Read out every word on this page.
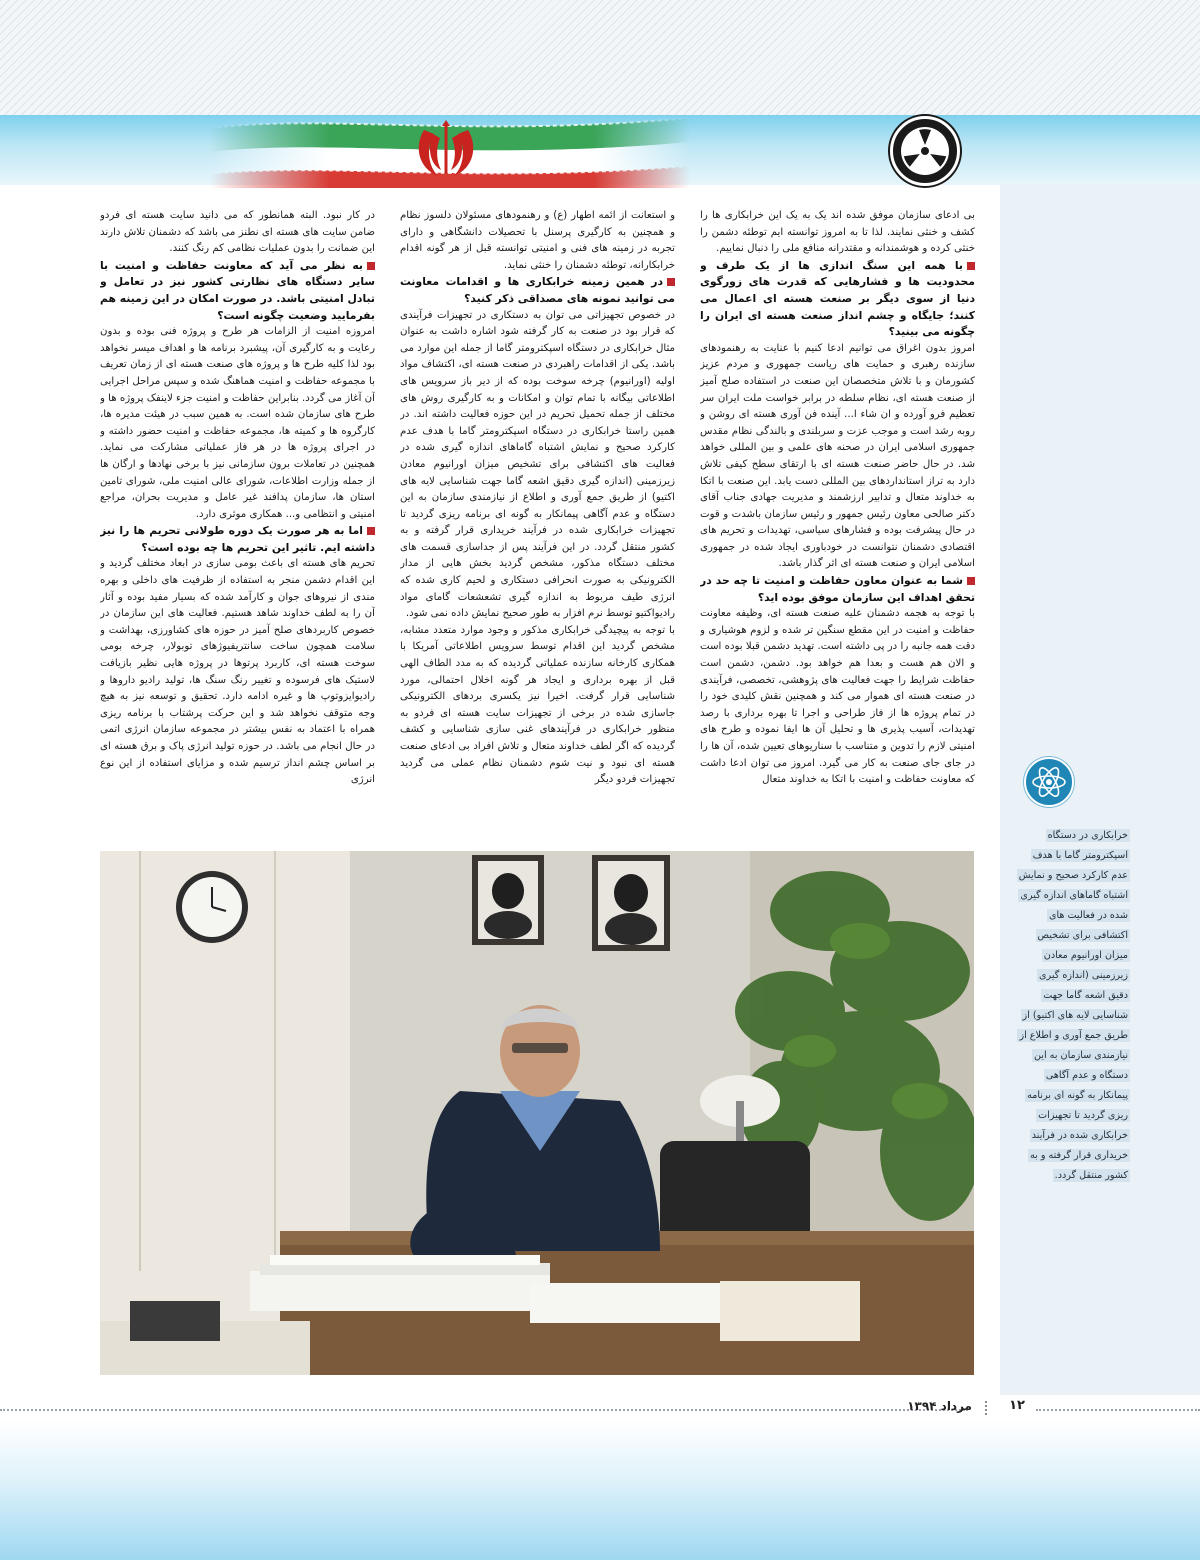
بی ادعای سازمان موفق شده اند یک به یک این خرابکاری ها را کشف و خنثی نمایند. لذا تا به امروز توانسته ایم توطئه دشمن را خنثی کرده و هوشمندانه و مقتدرانه منافع ملی را دنبال نماییم.

با همه این سنگ اندازی ها از یک طرف و محدودیت ها و فشارهایی که قدرت های زورگوی دنیا از سوی دیگر بر صنعت هسته ای اعمال می کنند؛ جایگاه و چشم انداز صنعت هسته ای ایران را چگونه می بینید؟

امروز بدون اغراق می توانیم ادعا کنیم با عنایت به رهنمودهای سازنده رهبری و حمایت های ریاست جمهوری و مردم عزیز کشورمان و با تلاش متخصصان این صنعت در استفاده صلح آمیز از صنعت هسته ای، نظام سلطه در برابر خواست ملت ایران سر تعظیم فرو آورده و ان شاء ا... آینده فن آوری هسته ای روشن و روبه رشد است و موجب عزت و سربلندی و بالندگی نظام مقدس جمهوری اسلامی ایران در صحنه های علمی و بین المللی خواهد شد. در حال حاضر صنعت هسته ای با ارتقای سطح کیفی تلاش دارد به تراز استانداردهای بین المللی دست یابد. این صنعت با اتکا به خداوند متعال و تدابیر ارزشمند و مدیریت جهادی جناب آقای دکتر صالحی معاون رئیس جمهور و رئیس سازمان باشدت و قوت در حال پیشرفت بوده و فشارهای سیاسی، تهدیدات و تحریم های اقتصادی دشمنان نتوانست در خودباوری ایجاد شده در جمهوری اسلامی ایران و صنعت هسته ای اثر گذار باشد.

شما به عنوان معاون حفاظت و امنیت تا چه حد در تحقق اهداف این سازمان موفق بوده اید؟

با توجه به هجمه دشمنان علیه صنعت هسته ای، وظیفه معاونت حفاظت و امنیت در این مقطع سنگین تر شده و لزوم هوشیاری و دقت همه جانبه را در پی داشته است. تهدید دشمن قبلا بوده است و الان هم هست و بعدا هم خواهد بود. دشمن، دشمن است حفاظت شرایط را جهت فعالیت های پژوهشی، تخصصی، فرآیندی در صنعت هسته ای هموار می کند و همچنین نقش کلیدی خود را در تمام پروژه ها از فاز طراحی و اجرا تا بهره برداری با رصد تهدیدات، آسیب پذیری ها و تحلیل آن ها ایفا نموده و طرح های امنیتی لازم را تدوین و متناسب با سناریوهای تعیین شده، آن ها را در جای جای صنعت به کار می گیرد. امروز می توان ادعا داشت که معاونت حفاظت و امنیت با اتکا به خداوند متعال

و استعانت از ائمه اطهار (ع) و رهنمودهای مسئولان دلسوز نظام و همچنین به کارگیری پرسنل با تحصیلات دانشگاهی و دارای تجربه در زمینه های فنی و امنیتی توانسته قبل از هر گونه اقدام خرابکارانه، توطئه دشمنان را خنثی نماید.

در همین زمینه خرابکاری ها و اقدامات معاونت می توانید نمونه های مصداقی ذکر کنید؟

در خصوص تجهیزاتی می توان به دستکاری در تجهیزات فرآیندی که قرار بود در صنعت به کار گرفته شود اشاره داشت به عنوان مثال خرابکاری در دستگاه اسپکترومتر گاما از جمله این موارد می باشد. یکی از اقدامات راهبردی در صنعت هسته ای، اکتشاف مواد اولیه (اورانیوم) چرخه سوخت بوده که از دیر باز سرویس های اطلاعاتی بیگانه با تمام توان و امکانات و به کارگیری روش های مختلف از جمله تحمیل تحریم در این حوزه فعالیت داشته اند. در همین راستا خرابکاری در دستگاه اسپکترومتر گاما با هدف عدم کارکرد صحیح و نمایش اشتباه گاماهای اندازه گیری شده در فعالیت های اکتشافی برای تشخیص میزان اورانیوم معادن زیرزمینی (اندازه گیری دقیق اشعه گاما جهت شناسایی لایه های اکتیو) از طریق جمع آوری و اطلاع از نیازمندی سازمان به این دستگاه و عدم آگاهی پیمانکار به گونه ای برنامه ریزی گردید تا تجهیزات خرابکاری شده در فرآیند خریداری قرار گرفته و به کشور منتقل گردد. در این فرآیند پس از جداسازی قسمت های مختلف دستگاه مذکور، مشخص گردید بخش هایی از مدار الکترونیکی به صورت انحرافی دستکاری و لحیم کاری شده که انرژی طیف مربوط به اندازه گیری تشعشعات گامای مواد رادیواکتیو توسط نرم افزار به طور صحیح نمایش داده نمی شود.

با توجه به پیچیدگی خرابکاری مذکور و وجود موارد متعدد مشابه، مشخص گردید این اقدام توسط سرویس اطلاعاتی آمریکا با همکاری کارخانه سازنده عملیاتی گردیده که به مدد الطاف الهی قبل از بهره برداری و ایجاد هر گونه اخلال احتمالی، مورد شناسایی قرار گرفت. اخیرا نیز یکسری بردهای الکترونیکی جاسازی شده در برخی از تجهیزات سایت هسته ای فردو به منظور خرابکاری در فرآیندهای غنی سازی شناسایی و کشف گردیده که اگر لطف خداوند متعال و تلاش افراد بی ادعای صنعت هسته ای نبود و نیت شوم دشمنان نظام عملی می گردید تجهیزات فردو دیگر

در کار نبود. البته همانطور که می دانید سایت هسته ای فردو ضامن سایت های هسته ای نطنز می باشد که دشمنان تلاش دارند این ضمانت را بدون عملیات نظامی کم رنگ کنند.

به نظر می آید که معاونت حفاظت و امنیت با سایر دستگاه های نظارتی کشور نیز در تعامل و تبادل امنیتی باشد. در صورت امکان در این زمینه هم بفرمایید وضعیت چگونه است؟

امروزه امنیت از الزامات هر طرح و پروژه فنی بوده و بدون رعایت و به کارگیری آن، پیشبرد برنامه ها و اهداف میسر نخواهد بود لذا کلیه طرح ها و پروژه های صنعت هسته ای از زمان تعریف با مجموعه حفاظت و امنیت هماهنگ شده و سپس مراحل اجرایی آن آغاز می گردد. بنابراین حفاظت و امنیت جزء لاینفک پروژه ها و طرح های سازمان شده است. به همین سبب در هیئت مدیره ها، کارگروه ها و کمیته ها، مجموعه حفاظت و امنیت حضور داشته و در اجرای پروژه ها در هر فاز عملیاتی مشارکت می نماید. همچنین در تعاملات برون سازمانی نیز با برخی نهادها و ارگان ها از جمله وزارت اطلاعات، شورای عالی امنیت ملی، شورای تامین استان ها، سازمان پدافند غیر عامل و مدیریت بحران، مراجع امنیتی و انتظامی و... همکاری موثری دارد.

اما به هر صورت یک دوره طولانی تحریم ها را نیز داشته ایم. تاثیر این تحریم ها چه بوده است؟

تحریم های هسته ای باعث بومی سازی در ابعاد مختلف گردید و این اقدام دشمن منجر به استفاده از ظرفیت های داخلی و بهره مندی از نیروهای جوان و کارآمد شده که بسیار مفید بوده و آثار آن را به لطف خداوند شاهد هستیم. فعالیت های این سازمان در خصوص کاربردهای صلح آمیز در حوزه های کشاورزی، بهداشت و سلامت همچون ساخت سانتریفیوژهای توبولار، چرخه بومی سوخت هسته ای، کاربرد پرتوها در پروژه هایی نظیر بازیافت لاستیک های فرسوده و تغییر رنگ سنگ ها، تولید رادیو داروها و رادیوایزوتوپ ها و غیره ادامه دارد. تحقیق و توسعه نیز به هیچ وجه متوقف نخواهد شد و این حرکت پرشتاب با برنامه ریزی همراه با اعتماد به نفس بیشتر در مجموعه سازمان انرژی اتمی در حال انجام می باشد. در حوزه تولید انرژی پاک و برق هسته ای بر اساس چشم انداز ترسیم شده و مزایای استفاده از این نوع انرژی

خرابکاری در دستگاه اسپکترومتر گاما با هدف عدم کارکرد صحیح و نمایش اشتباه گاماهای اندازه گیری شده در فعالیت های اکتشافی برای تشخیص میزان اورانیوم معادن زیرزمینی (اندازه گیری دقیق اشعه گاما جهت شناسایی لایه های اکتیو) از طریق جمع آوری و اطلاع از نیازمندی سازمان به این دستگاه و عدم آگاهی پیمانکار به گونه ای برنامه ریزی گردید تا تجهیزات خرابکاری شده در فرآیند خریداری قرار گرفته و به کشور منتقل گردد.
۱۲
مرداد ۱۳۹۴
